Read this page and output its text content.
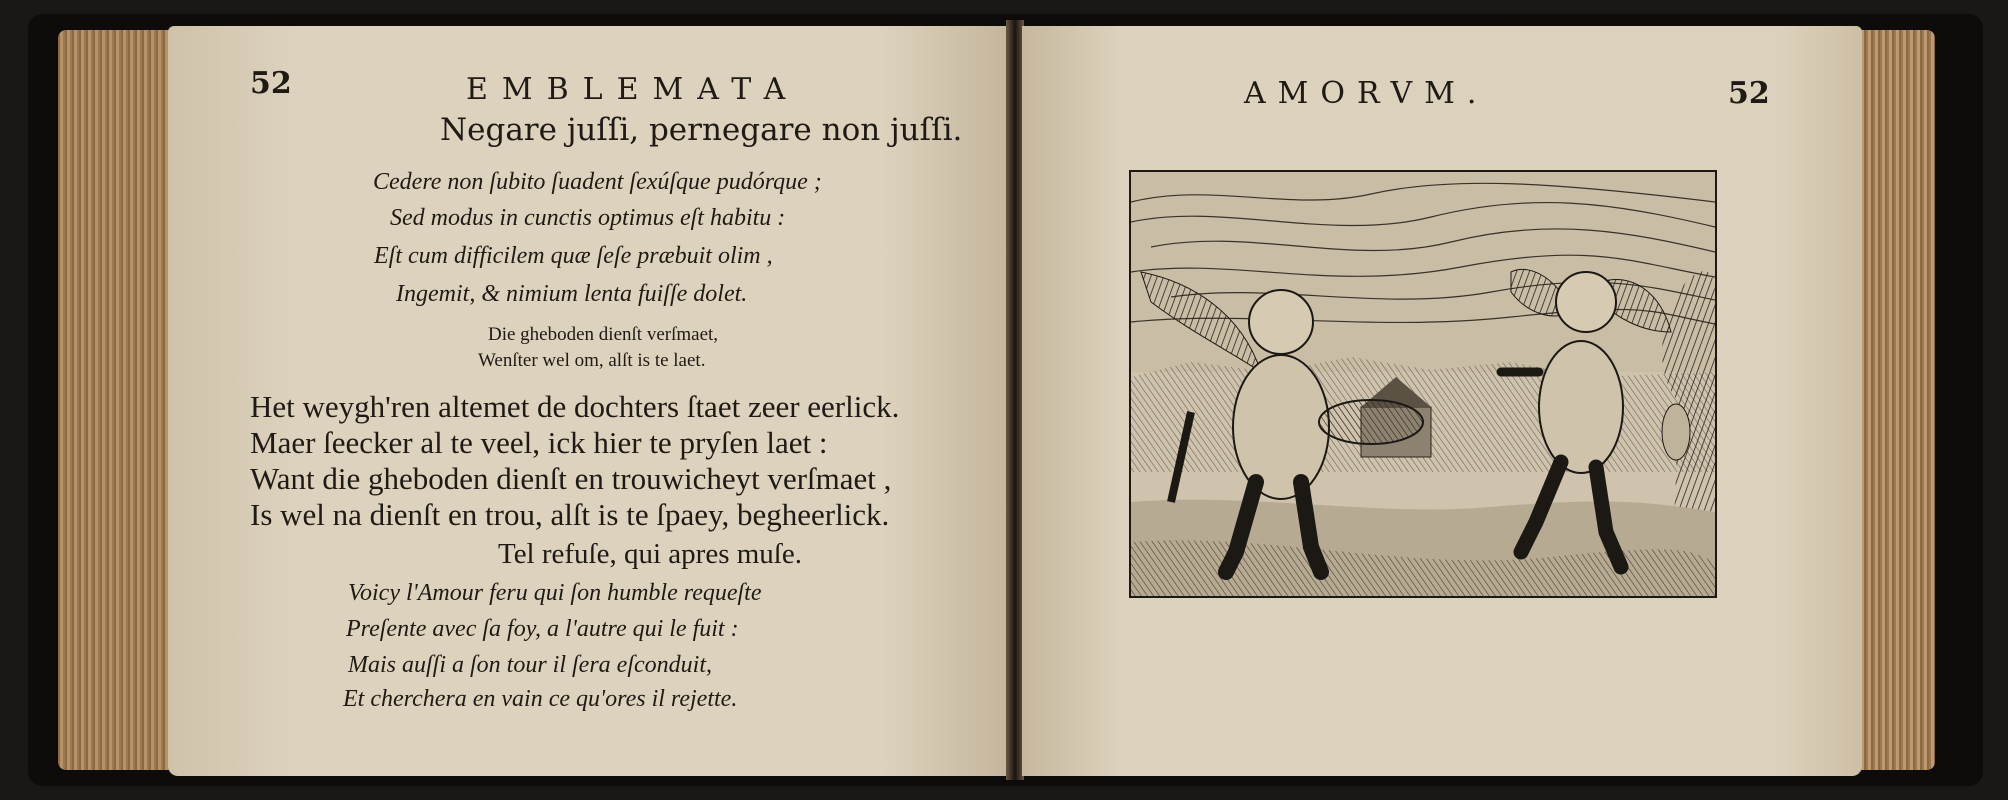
52	EMBLEMATA
Negare juſſi, pernegare non juſſi.
Cedere non ſubito ſuadent ſexúſque pudórque ;
Sed modus in cunctis optimus eſt habitu :
Eſt cum difficilem quæ ſeſe præbuit olim ,
Ingemit, & nimium lenta fuiſſe dolet.
Die gheboden dienſt verſmaet,
Wenſter wel om, alſt is te laet.
Het weygh'ren altemet de dochters ſtaet zeer eerlick.
Maer ſeecker al te veel, ick hier te pryſen laet :
Want die gheboden dienſt en trouwicheyt verſmaet ,
Is wel na dienſt en trou, alſt is te ſpaey, begheerlick.
Tel refuſe, qui apres muſe.
Voicy l'Amour feru qui ſon humble requeſte
Preſente avec ſa foy, a l'autre qui le fuit :
Mais auſſi a ſon tour il ſera eſconduit,
Et cherchera en vain ce qu'ores il rejette.
AMORVM.	52
